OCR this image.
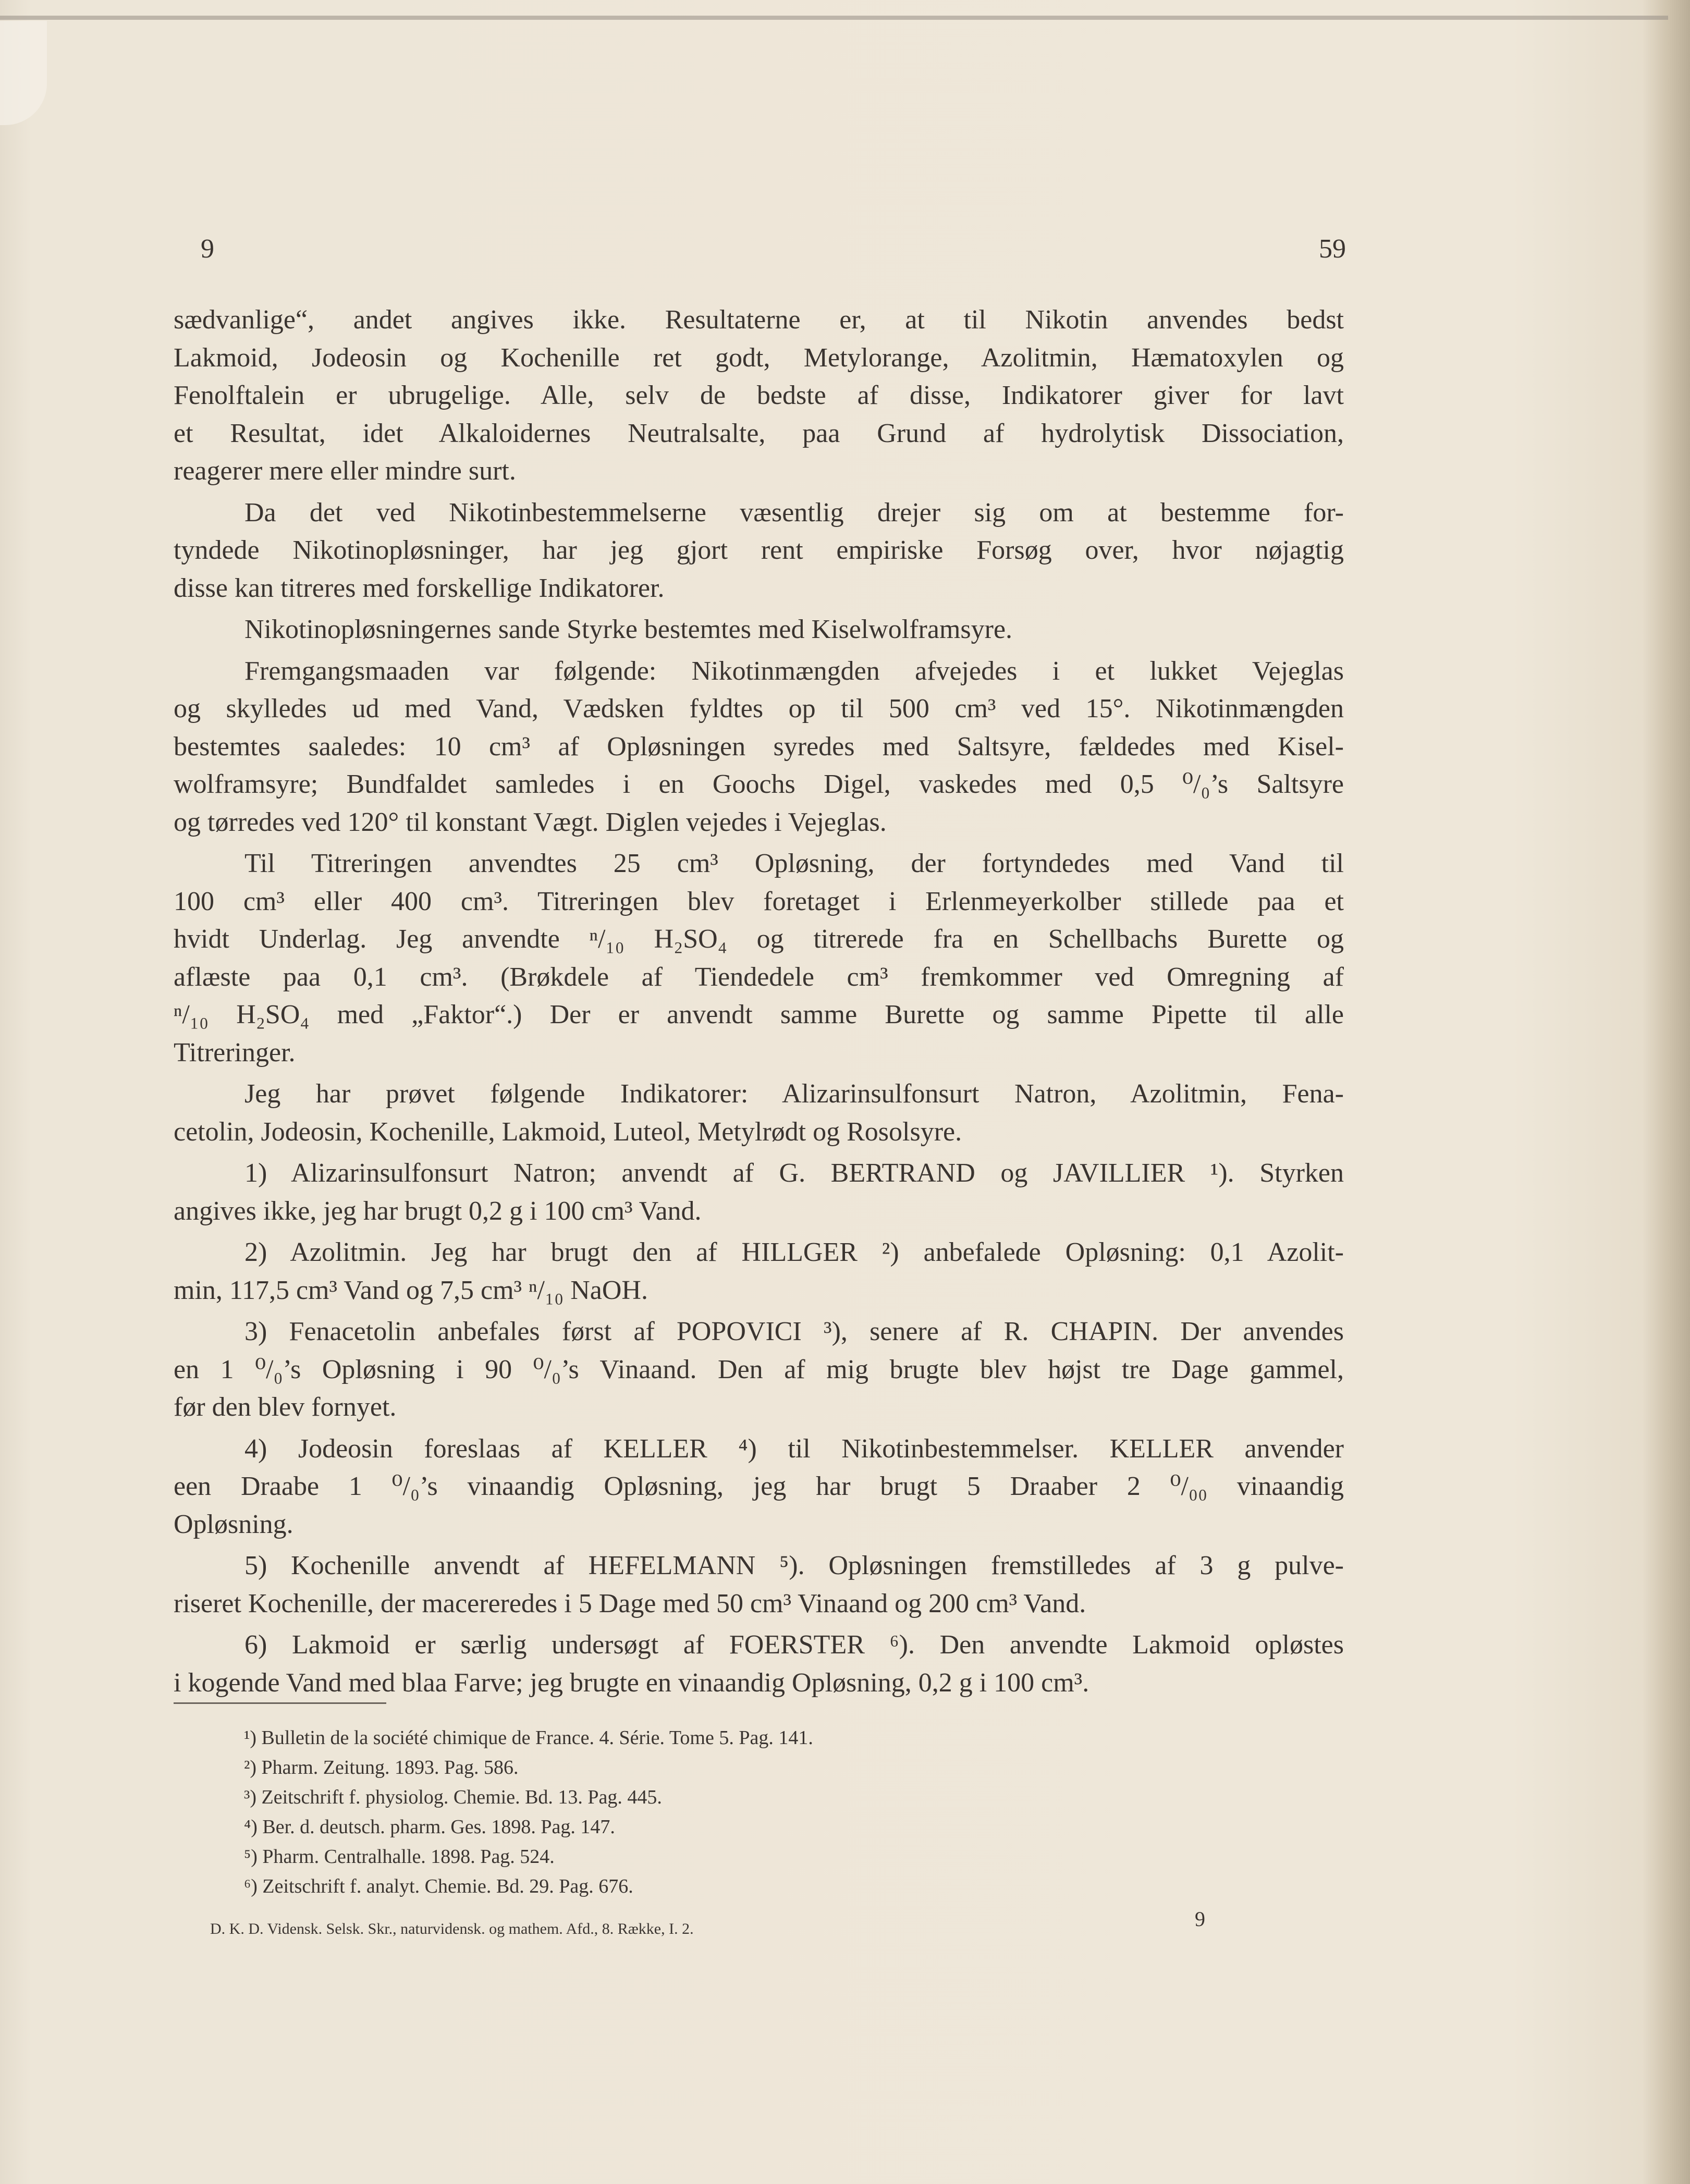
9	59
sædvanlige“, andet angives ikke. Resultaterne er, at til Nikotin anvendes bedst
Lakmoid, Jodeosin og Kochenille ret godt, Metylorange, Azolitmin, Hæmatoxylen og
Fenolftalein er ubrugelige. Alle, selv de bedste af disse, Indikatorer giver for lavt
et Resultat, idet Alkaloidernes Neutralsalte, paa Grund af hydrolytisk Dissociation,
reagerer mere eller mindre surt.
Da det ved Nikotinbestemmelserne væsentlig drejer sig om at bestemme for-
tyndede Nikotinopløsninger, har jeg gjort rent empiriske Forsøg over, hvor nøjagtig
disse kan titreres med forskellige Indikatorer.
Nikotinopløsningernes sande Styrke bestemtes med Kiselwolframsyre.
Fremgangsmaaden var følgende: Nikotinmængden afvejedes i et lukket Vejeglas
og skylledes ud med Vand, Vædsken fyldtes op til 500 cm³ ved 15°. Nikotinmængden
bestemtes saaledes: 10 cm³ af Opløsningen syredes med Saltsyre, fældedes med Kisel-
wolframsyre; Bundfaldet samledes i en Goochs Digel, vaskedes med 0,5 ⁰/₀’s Saltsyre
og tørredes ved 120° til konstant Vægt. Diglen vejedes i Vejeglas.
Til Titreringen anvendtes 25 cm³ Opløsning, der fortyndedes med Vand til
100 cm³ eller 400 cm³. Titreringen blev foretaget i Erlenmeyerkolber stillede paa et
hvidt Underlag. Jeg anvendte ⁿ/₁₀ H₂SO₄ og titrerede fra en Schellbachs Burette og
aflæste paa 0,1 cm³. (Brøkdele af Tiendedele cm³ fremkommer ved Omregning af
ⁿ/₁₀ H₂SO₄ med „Faktor“.) Der er anvendt samme Burette og samme Pipette til alle
Titreringer.
Jeg har prøvet følgende Indikatorer: Alizarinsulfonsurt Natron, Azolitmin, Fena-
cetolin, Jodeosin, Kochenille, Lakmoid, Luteol, Metylrødt og Rosolsyre.
1) Alizarinsulfonsurt Natron; anvendt af G. BERTRAND og JAVILLIER ¹). Styrken
angives ikke, jeg har brugt 0,2 g i 100 cm³ Vand.
2) Azolitmin. Jeg har brugt den af HILLGER ²) anbefalede Opløsning: 0,1 Azolit-
min, 117,5 cm³ Vand og 7,5 cm³ ⁿ/₁₀ NaOH.
3) Fenacetolin anbefales først af POPOVICI ³), senere af R. CHAPIN. Der anvendes
en 1 ⁰/₀’s Opløsning i 90 ⁰/₀’s Vinaand. Den af mig brugte blev højst tre Dage gammel,
før den blev fornyet.
4) Jodeosin foreslaas af KELLER ⁴) til Nikotinbestemmelser. KELLER anvender
een Draabe 1 ⁰/₀’s vinaandig Opløsning, jeg har brugt 5 Draaber 2 ⁰/₀₀ vinaandig
Opløsning.
5) Kochenille anvendt af HEFELMANN ⁵). Opløsningen fremstilledes af 3 g pulve-
riseret Kochenille, der macereredes i 5 Dage med 50 cm³ Vinaand og 200 cm³ Vand.
6) Lakmoid er særlig undersøgt af FOERSTER ⁶). Den anvendte Lakmoid opløstes
i kogende Vand med blaa Farve; jeg brugte en vinaandig Opløsning, 0,2 g i 100 cm³.
¹) Bulletin de la société chimique de France. 4. Série. Tome 5. Pag. 141.
²) Pharm. Zeitung. 1893. Pag. 586.
³) Zeitschrift f. physiolog. Chemie. Bd. 13. Pag. 445.
⁴) Ber. d. deutsch. pharm. Ges. 1898. Pag. 147.
⁵) Pharm. Centralhalle. 1898. Pag. 524.
⁶) Zeitschrift f. analyt. Chemie. Bd. 29. Pag. 676.
D. K. D. Vidensk. Selsk. Skr., naturvidensk. og mathem. Afd., 8. Række, I. 2.	9
